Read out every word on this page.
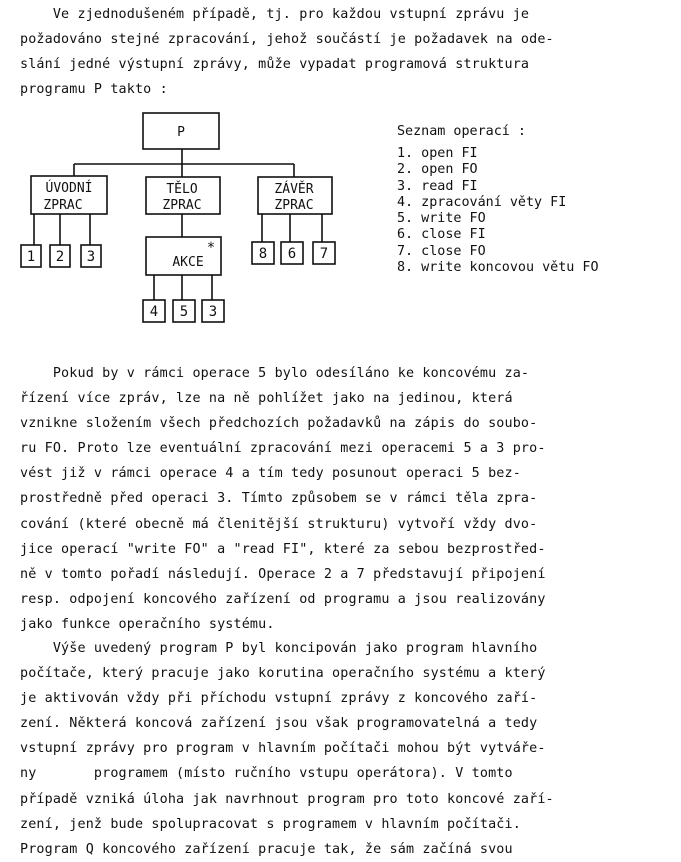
Ve zjednodušeném případě, tj. pro každou vstupní zprávu je
požadováno stejné zpracování, jehož součástí je požadavek na ode-
slání jedné výstupní zprávy, může vypadat programová struktura
programu P takto :
P
ÚVODNÍ
ZPRAC
TĚLO
ZPRAC
ZÁVĚR
ZPRAC
1 2 3	AKCE
*	8 6 7
4 5 3
Seznam operací :
1. open FI
2. open FO
3. read FI
4. zpracování věty FI
5. write FO
6. close FI
7. close FO
8. write koncovou větu FO
Pokud by v rámci operace 5 bylo odesíláno ke koncovému za-
řízení více zpráv, lze na ně pohlížet jako na jedinou, která
vznikne složením všech předchozích požadavků na zápis do soubo-
ru FO. Proto lze eventuální zpracování mezi operacemi 5 a 3 pro-
vést již v rámci operace 4 a tím tedy posunout operaci 5 bez-
prostředně před operaci 3. Tímto způsobem se v rámci těla zpra-
cování (které obecně má členitější strukturu) vytvoří vždy dvo-
jice operací "write FO" a "read FI", které za sebou bezprostřed-
ně v tomto pořadí následují. Operace 2 a 7 představují připojení
resp. odpojení koncového zařízení od programu a jsou realizovány
jako funkce operačního systému.
Výše uvedený program P byl koncipován jako program hlavního
počítače, který pracuje jako korutina operačního systému a který
je aktivován vždy při příchodu vstupní zprávy z koncového zaří-
zení. Některá koncová zařízení jsou však programovatelná a tedy
vstupní zprávy pro program v hlavním počítači mohou být vytváře-
ny       programem (místo ručního vstupu operátora). V tomto
případě vzniká úloha jak navrhnout program pro toto koncové zaří-
zení, jenž bude spolupracovat s programem v hlavním počítači.
Program Q koncového zařízení pracuje tak, že sám začíná svou
